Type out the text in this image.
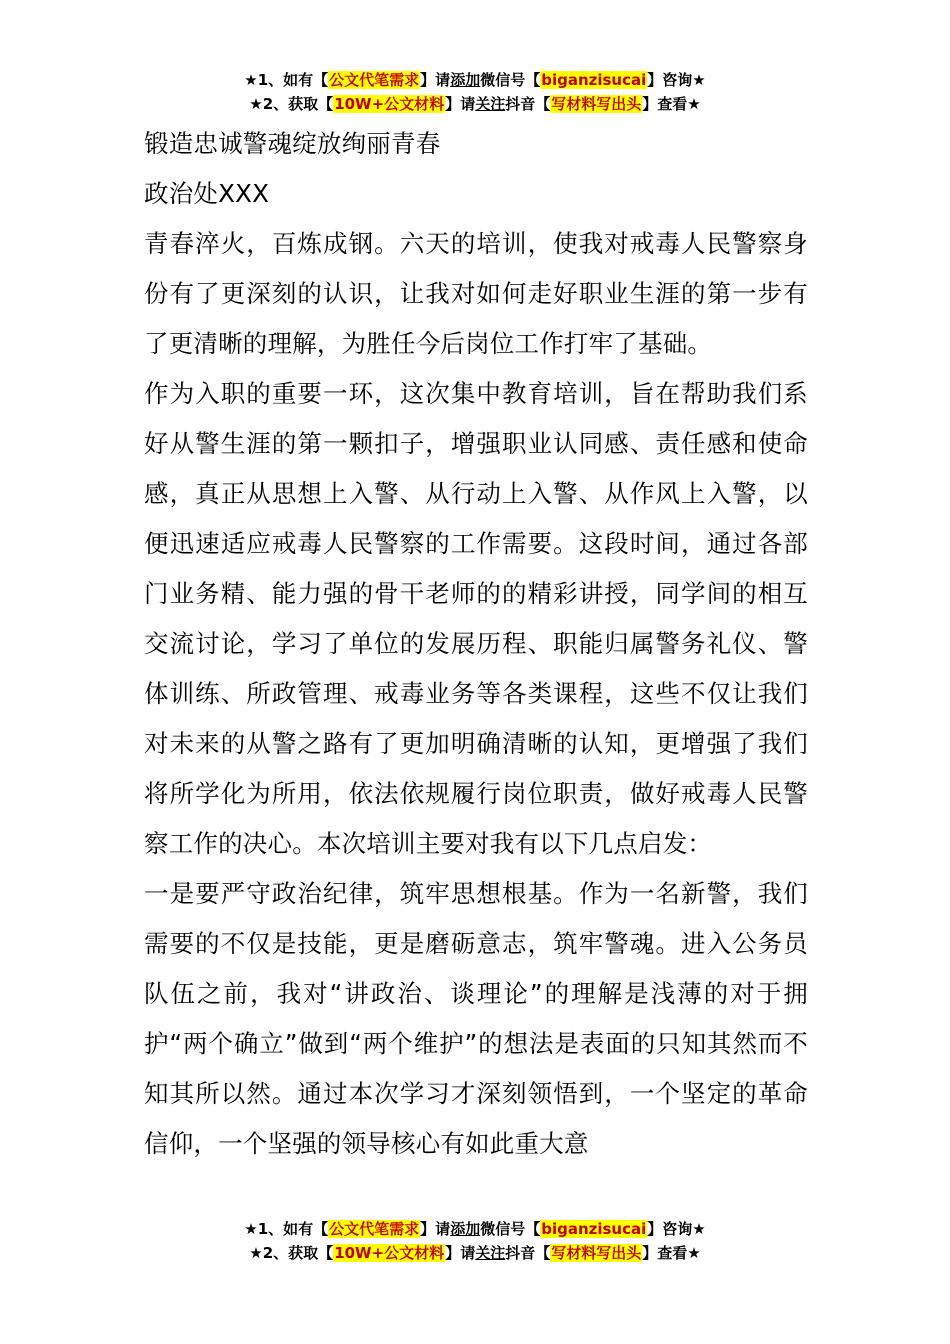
★1、如有【公文代笔需求】请添加微信号【biganzisucai】咨询★
★2、获取【10W+公文材料】请关注抖音【写材料写出头】查看★

锻造忠诚警魂绽放绚丽青春

政治处XXX

青春淬火，百炼成钢。六天的培训，使我对戒毒人民警察身份有了更深刻的认识，让我对如何走好职业生涯的第一步有了更清晰的理解，为胜任今后岗位工作打牢了基础。

作为入职的重要一环，这次集中教育培训，旨在帮助我们系好从警生涯的第一颗扣子，增强职业认同感、责任感和使命感，真正从思想上入警、从行动上入警、从作风上入警，以便迅速适应戒毒人民警察的工作需要。这段时间，通过各部门业务精、能力强的骨干老师的的精彩讲授，同学间的相互交流讨论，学习了单位的发展历程、职能归属警务礼仪、警体训练、所政管理、戒毒业务等各类课程，这些不仅让我们对未来的从警之路有了更加明确清晰的认知，更增强了我们将所学化为所用，依法依规履行岗位职责，做好戒毒人民警察工作的决心。本次培训主要对我有以下几点启发：

一是要严守政治纪律，筑牢思想根基。作为一名新警，我们需要的不仅是技能，更是磨砺意志，筑牢警魂。进入公务员队伍之前，我对“讲政治、谈理论”的理解是浅薄的对于拥护“两个确立”做到“两个维护”的想法是表面的只知其然而不知其所以然。通过本次学习才深刻领悟到，一个坚定的革命信仰，一个坚强的领导核心有如此重大意

★1、如有【公文代笔需求】请添加微信号【biganzisucai】咨询★
★2、获取【10W+公文材料】请关注抖音【写材料写出头】查看★
